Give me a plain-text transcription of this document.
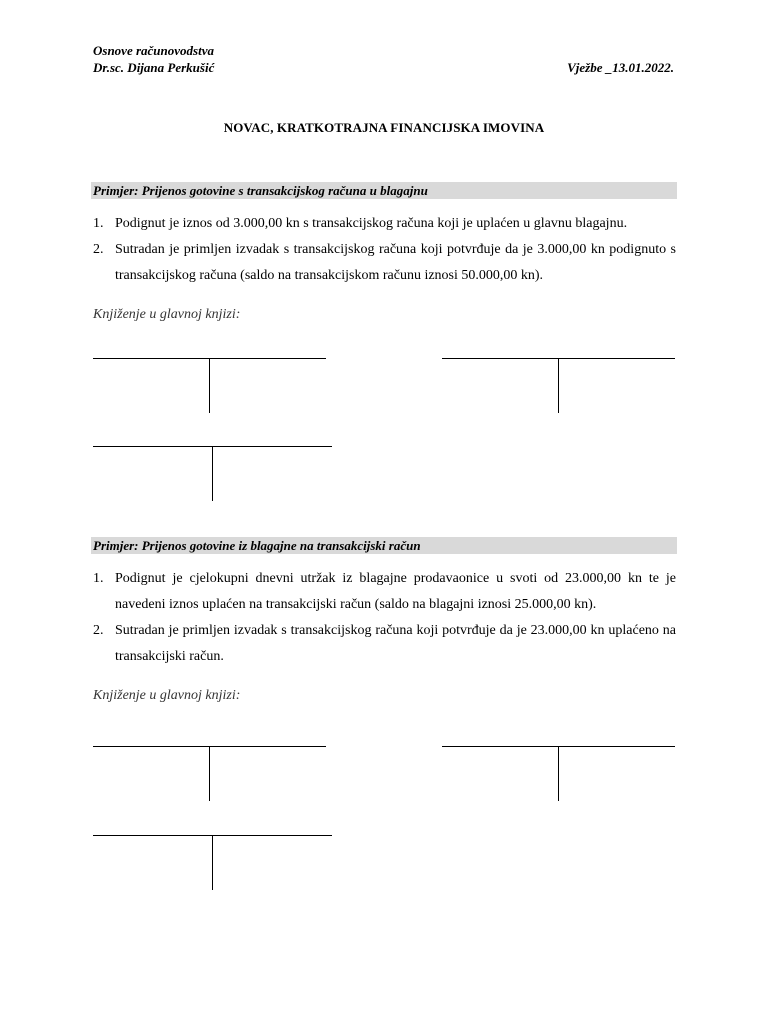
Osnove računovodstva
Dr.sc. Dijana Perkušić	Vježbe _13.01.2022.
NOVAC, KRATKOTRAJNA FINANCIJSKA IMOVINA
Primjer: Prijenos gotovine s transakcijskog računa u blagajnu
1. Podignut je iznos od 3.000,00 kn s transakcijskog računa koji je uplaćen u glavnu blagajnu.
2. Sutradan je primljen izvadak s transakcijskog računa koji potvrđuje da je 3.000,00 kn podignuto s transakcijskog računa (saldo na transakcijskom računu iznosi 50.000,00 kn).
Knjiženje u glavnoj knjizi:
Primjer: Prijenos gotovine iz blagajne na transakcijski račun
1. Podignut je cjelokupni dnevni utržak iz blagajne prodavaonice u svoti od 23.000,00 kn te je navedeni iznos uplaćen na transakcijski račun (saldo na blagajni iznosi 25.000,00 kn).
2. Sutradan je primljen izvadak s transakcijskog računa koji potvrđuje da je 23.000,00 kn uplaćeno na transakcijski račun.
Knjiženje u glavnoj knjizi:
